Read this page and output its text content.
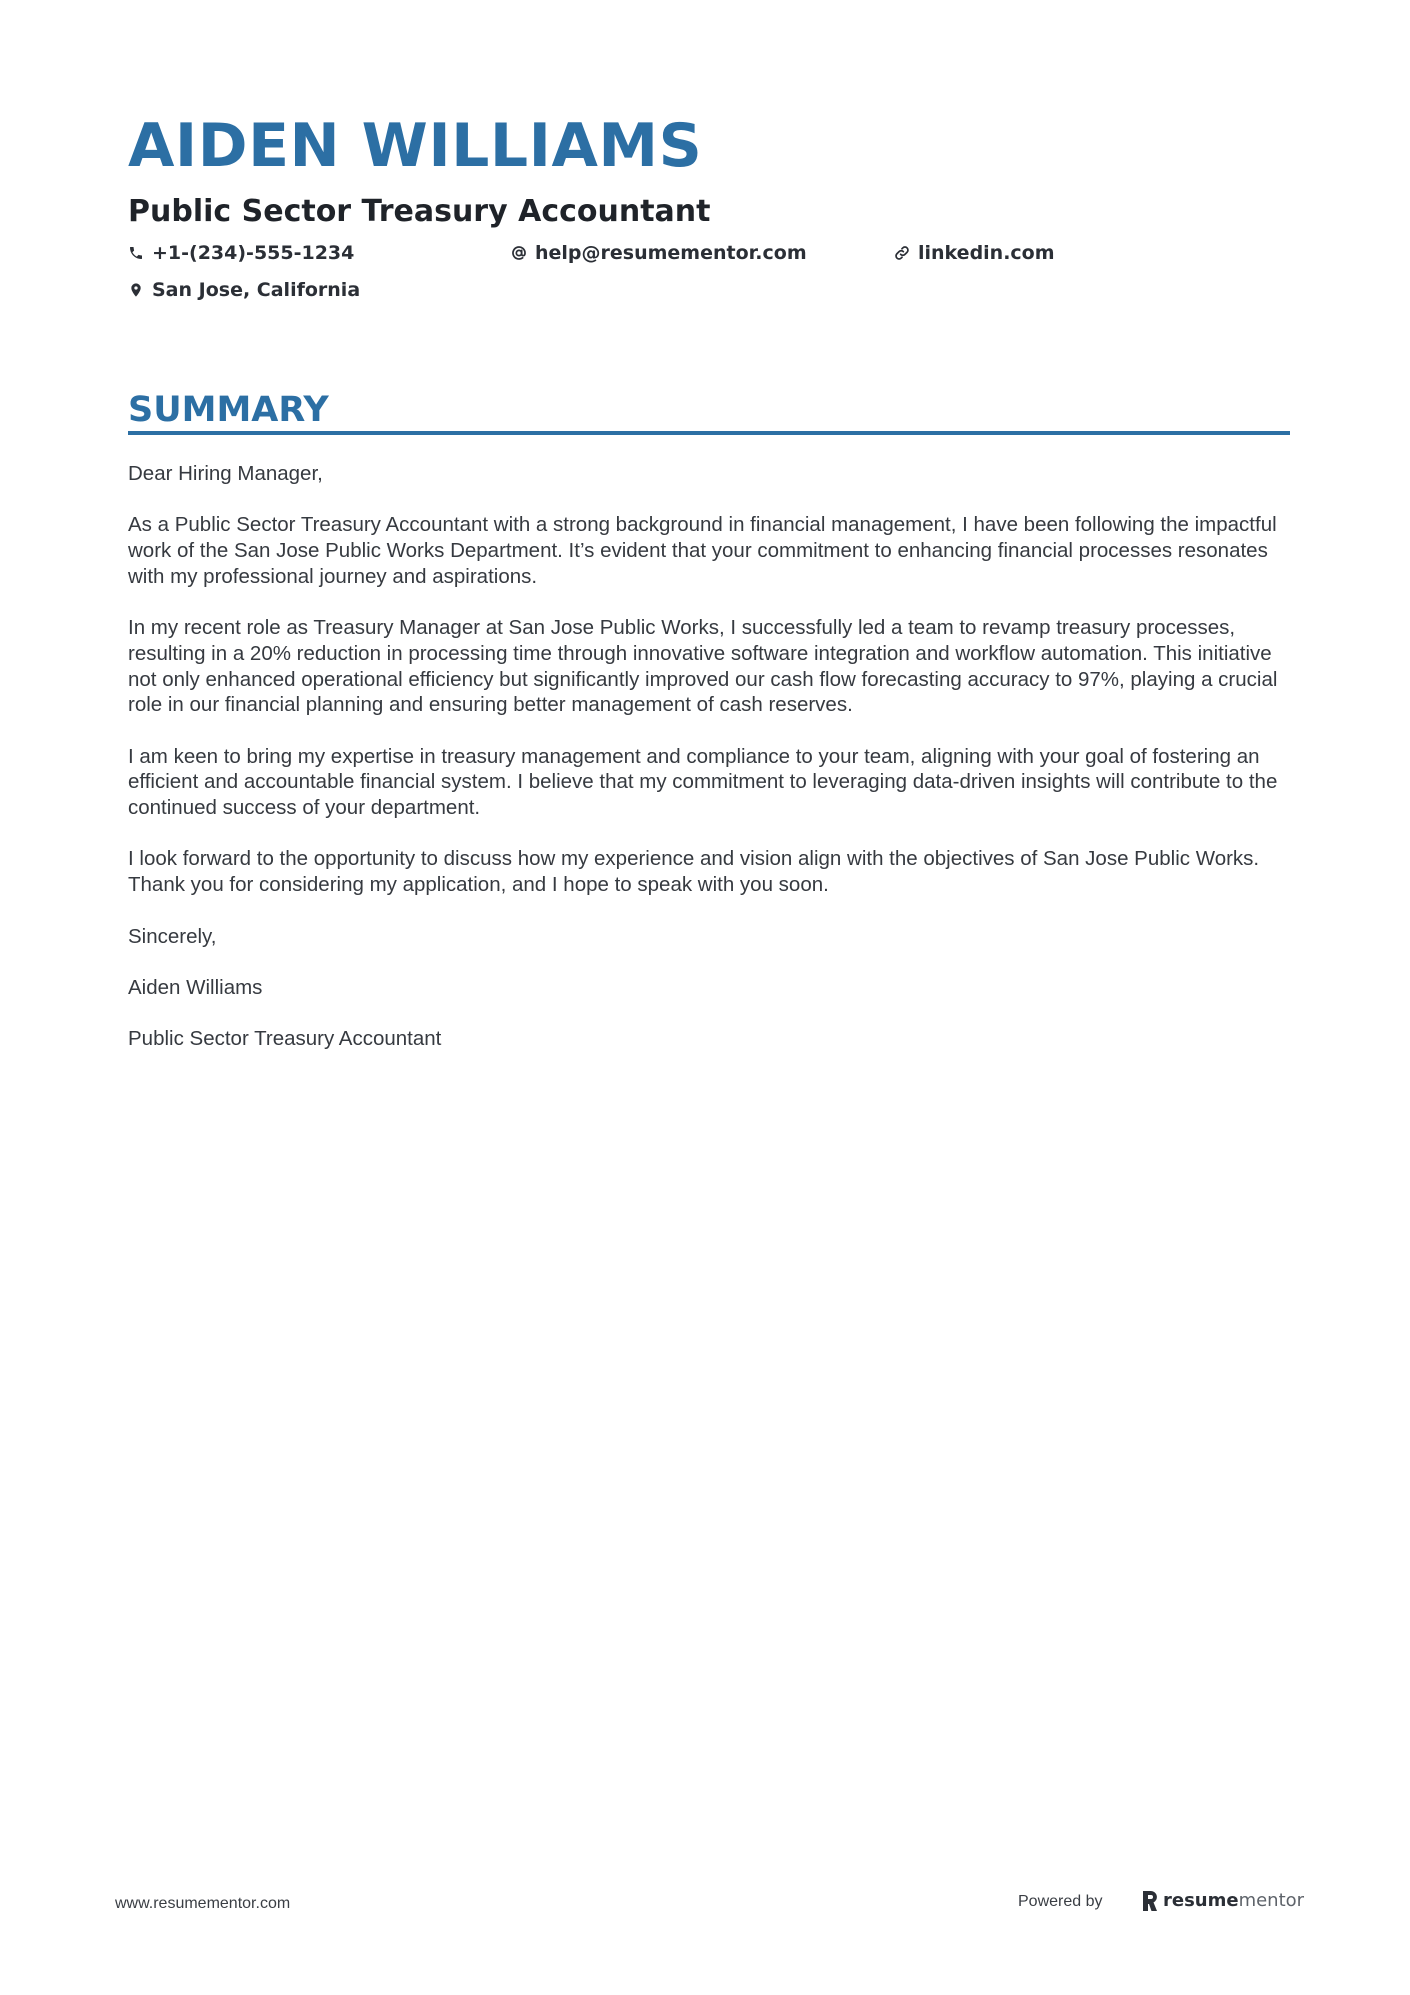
AIDEN WILLIAMS
Public Sector Treasury Accountant
+1-(234)-555-1234	help@resumementor.com	linkedin.com
San Jose, California
SUMMARY

Dear Hiring Manager,

As a Public Sector Treasury Accountant with a strong background in financial management, I have been following the impactful work of the San Jose Public Works Department. It’s evident that your commitment to enhancing financial processes resonates with my professional journey and aspirations.

In my recent role as Treasury Manager at San Jose Public Works, I successfully led a team to revamp treasury processes, resulting in a 20% reduction in processing time through innovative software integration and workflow automation. This initiative not only enhanced operational efficiency but significantly improved our cash flow forecasting accuracy to 97%, playing a crucial role in our financial planning and ensuring better management of cash reserves.

I am keen to bring my expertise in treasury management and compliance to your team, aligning with your goal of fostering an efficient and accountable financial system. I believe that my commitment to leveraging data-driven insights will contribute to the continued success of your department.

I look forward to the opportunity to discuss how my experience and vision align with the objectives of San Jose Public Works. Thank you for considering my application, and I hope to speak with you soon.

Sincerely,

Aiden Williams

Public Sector Treasury Accountant

www.resumementor.com	Powered by	resume mentor
